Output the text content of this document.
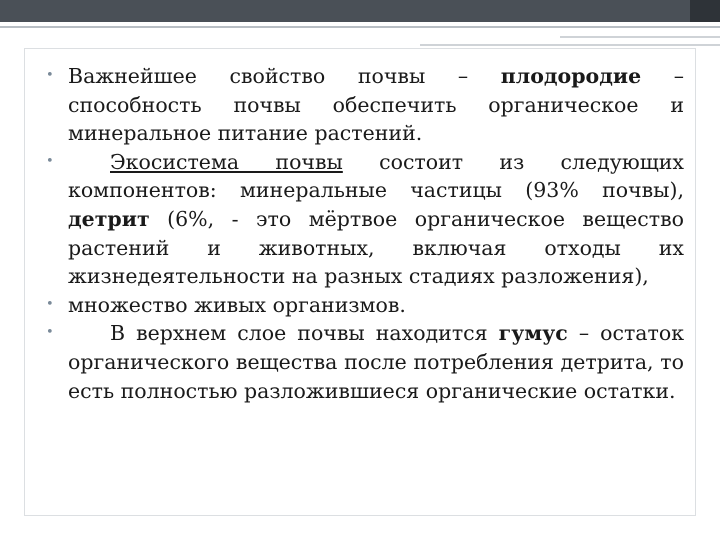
• Важнейшее свойство почвы – плодородие – способность почвы обеспечить органическое и минеральное питание растений.
•	Экосистема почвы состоит из следующих компонентов: минеральные частицы (93% почвы), детрит (6%, - это мёртвое органическое вещество растений и животных, включая отходы их жизнедеятельности на разных стадиях разложения),
• множество живых организмов.
•	В верхнем слое почвы находится гумус – остаток органического вещества после потребления детрита, то есть полностью разложившиеся органические остатки.
